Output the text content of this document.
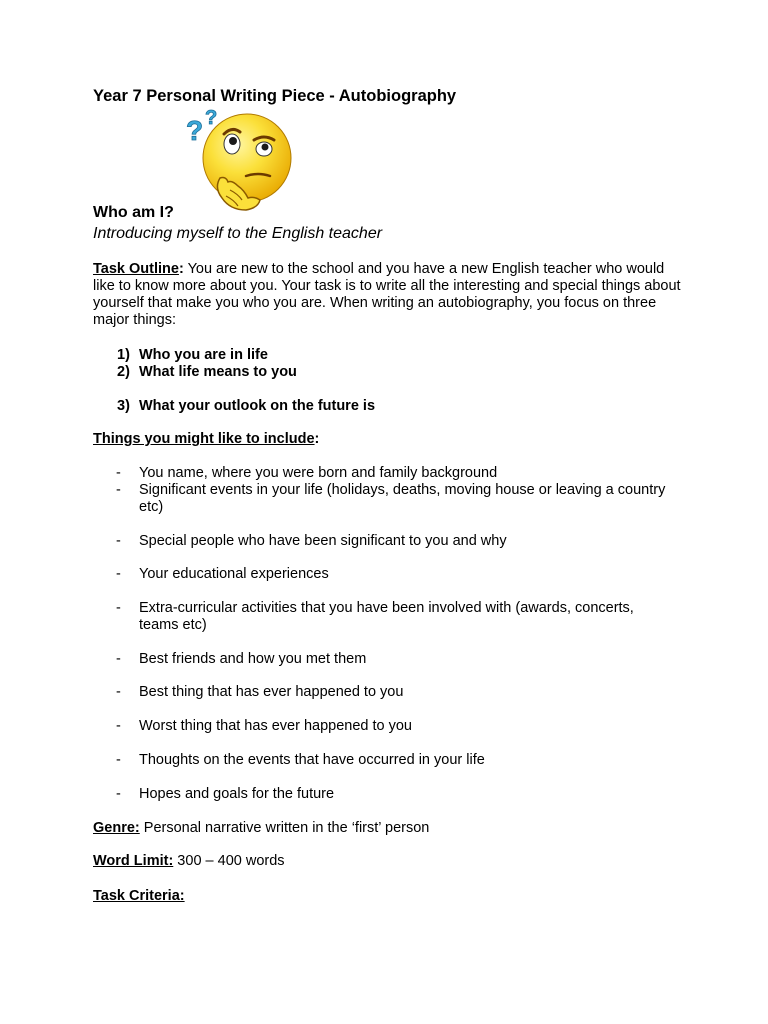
Year 7 Personal Writing Piece - Autobiography
? ?
Who am I?
Introducing myself to the English teacher
Task Outline: You are new to the school and you have a new English teacher who would like to know more about you. Your task is to write all the interesting and special things about yourself that make you who you are. When writing an autobiography, you focus on three major things:
1) Who you are in life
2) What life means to you
3) What your outlook on the future is
Things you might like to include:
- You name, where you were born and family background
- Significant events in your life (holidays, deaths, moving house or leaving a country etc)
- Special people who have been significant to you and why
- Your educational experiences
- Extra-curricular activities that you have been involved with (awards, concerts, teams etc)
- Best friends and how you met them
- Best thing that has ever happened to you
- Worst thing that has ever happened to you
- Thoughts on the events that have occurred in your life
- Hopes and goals for the future
Genre: Personal narrative written in the ‘first’ person
Word Limit: 300 – 400 words
Task Criteria:
